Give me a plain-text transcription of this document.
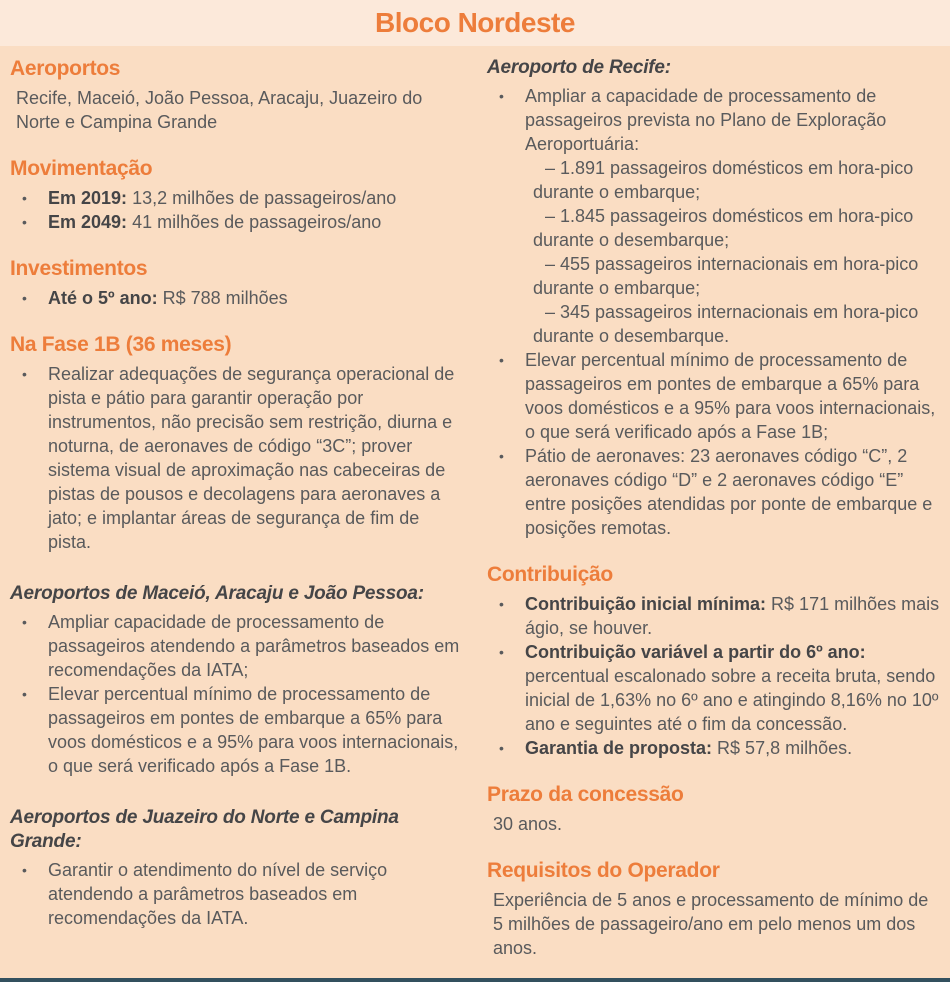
Bloco Nordeste
Aeroportos
Recife, Maceió, João Pessoa, Aracaju, Juazeiro do Norte e Campina Grande
Movimentação
•	Em 2019: 13,2 milhões de passageiros/ano
•	Em 2049: 41 milhões de passageiros/ano
Investimentos
•	Até o 5º ano: R$ 788 milhões
Na Fase 1B (36 meses)
•	Realizar adequações de segurança operacional de pista e pátio para garantir operação por instrumentos, não precisão sem restrição, diurna e noturna, de aeronaves de código “3C”; prover sistema visual de aproximação nas cabeceiras de pistas de pousos e decolagens para aeronaves a jato; e implantar áreas de segurança de fim de pista.
Aeroportos de Maceió, Aracaju e João Pessoa:
•	Ampliar capacidade de processamento de passageiros atendendo a parâmetros baseados em recomendações da IATA;
•	Elevar percentual mínimo de processamento de passageiros em pontes de embarque a 65% para voos domésticos e a 95% para voos internacionais, o que será verificado após a Fase 1B.
Aeroportos de Juazeiro do Norte e Campina Grande:
•	Garantir o atendimento do nível de serviço atendendo a parâmetros baseados em recomendações da IATA.
Aeroporto de Recife:
•	Ampliar a capacidade de processamento de passageiros prevista no Plano de Exploração Aeroportuária:
– 1.891 passageiros domésticos em hora-pico durante o embarque;
– 1.845 passageiros domésticos em hora-pico durante o desembarque;
– 455 passageiros internacionais em hora-pico durante o embarque;
– 345 passageiros internacionais em hora-pico durante o desembarque.
•	Elevar percentual mínimo de processamento de passageiros em pontes de embarque a 65% para voos domésticos e a 95% para voos internacionais, o que será verificado após a Fase 1B;
•	Pátio de aeronaves: 23 aeronaves código “C”, 2 aeronaves código “D” e 2 aeronaves código “E” entre posições atendidas por ponte de embarque e posições remotas.
Contribuição
•	Contribuição inicial mínima: R$ 171 milhões mais ágio, se houver.
•	Contribuição variável a partir do 6º ano: percentual escalonado sobre a receita bruta, sendo inicial de 1,63% no 6º ano e atingindo 8,16% no 10º ano e seguintes até o fim da concessão.
•	Garantia de proposta: R$ 57,8 milhões.
Prazo da concessão
30 anos.
Requisitos do Operador
Experiência de 5 anos e processamento de mínimo de 5 milhões de passageiro/ano em pelo menos um dos anos.
